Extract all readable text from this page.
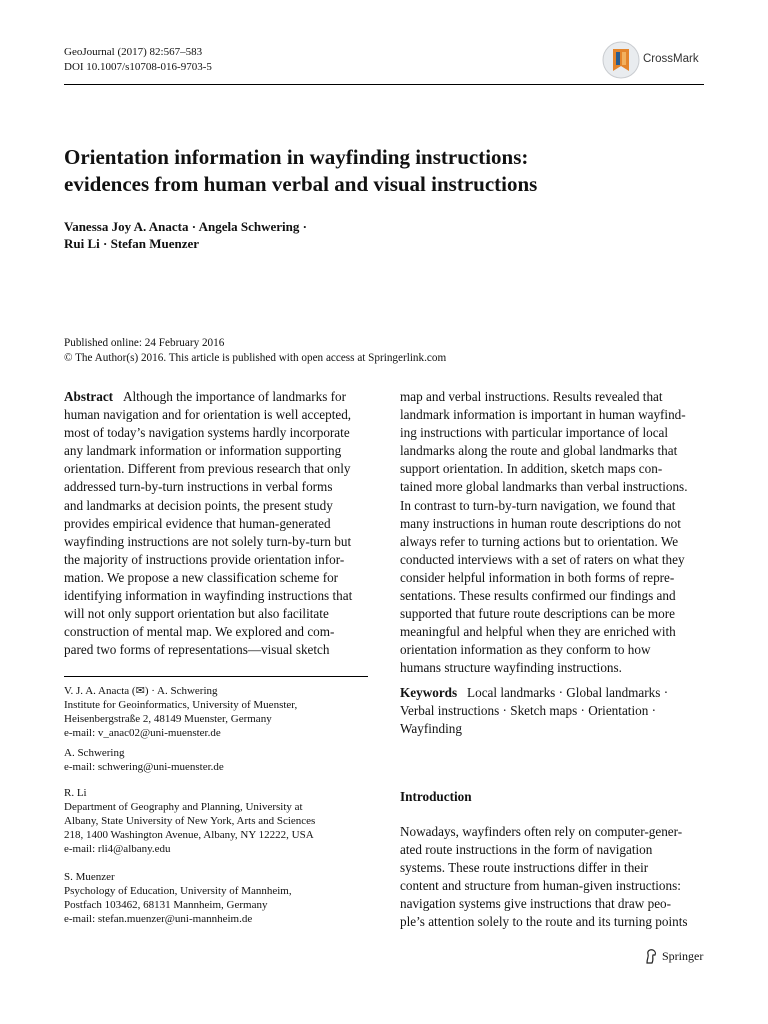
GeoJournal (2017) 82:567–583
DOI 10.1007/s10708-016-9703-5
CrossMark
Orientation information in wayfinding instructions:
evidences from human verbal and visual instructions
Vanessa Joy A. Anacta · Angela Schwering ·
Rui Li · Stefan Muenzer
Published online: 24 February 2016
© The Author(s) 2016. This article is published with open access at Springerlink.com
Abstract Although the importance of landmarks for
human navigation and for orientation is well accepted,
most of today’s navigation systems hardly incorporate
any landmark information or information supporting
orientation. Different from previous research that only
addressed turn-by-turn instructions in verbal forms
and landmarks at decision points, the present study
provides empirical evidence that human-generated
wayfinding instructions are not solely turn-by-turn but
the majority of instructions provide orientation infor-
mation. We propose a new classification scheme for
identifying information in wayfinding instructions that
will not only support orientation but also facilitate
construction of mental map. We explored and com-
pared two forms of representations—visual sketch
map and verbal instructions. Results revealed that
landmark information is important in human wayfind-
ing instructions with particular importance of local
landmarks along the route and global landmarks that
support orientation. In addition, sketch maps con-
tained more global landmarks than verbal instructions.
In contrast to turn-by-turn navigation, we found that
many instructions in human route descriptions do not
always refer to turning actions but to orientation. We
conducted interviews with a set of raters on what they
consider helpful information in both forms of repre-
sentations. These results confirmed our findings and
supported that future route descriptions can be more
meaningful and helpful when they are enriched with
orientation information as they conform to how
humans structure wayfinding instructions.
V. J. A. Anacta (✉) · A. Schwering
Institute for Geoinformatics, University of Muenster,
Heisenbergstraße 2, 48149 Muenster, Germany
e-mail: v_anac02@uni-muenster.de
A. Schwering
e-mail: schwering@uni-muenster.de
R. Li
Department of Geography and Planning, University at
Albany, State University of New York, Arts and Sciences
218, 1400 Washington Avenue, Albany, NY 12222, USA
e-mail: rli4@albany.edu
S. Muenzer
Psychology of Education, University of Mannheim,
Postfach 103462, 68131 Mannheim, Germany
e-mail: stefan.muenzer@uni-mannheim.de
Keywords Local landmarks · Global landmarks ·
Verbal instructions · Sketch maps · Orientation ·
Wayfinding
Introduction
Nowadays, wayfinders often rely on computer-gener-
ated route instructions in the form of navigation
systems. These route instructions differ in their
content and structure from human-given instructions:
navigation systems give instructions that draw peo-
ple’s attention solely to the route and its turning points
Springer
